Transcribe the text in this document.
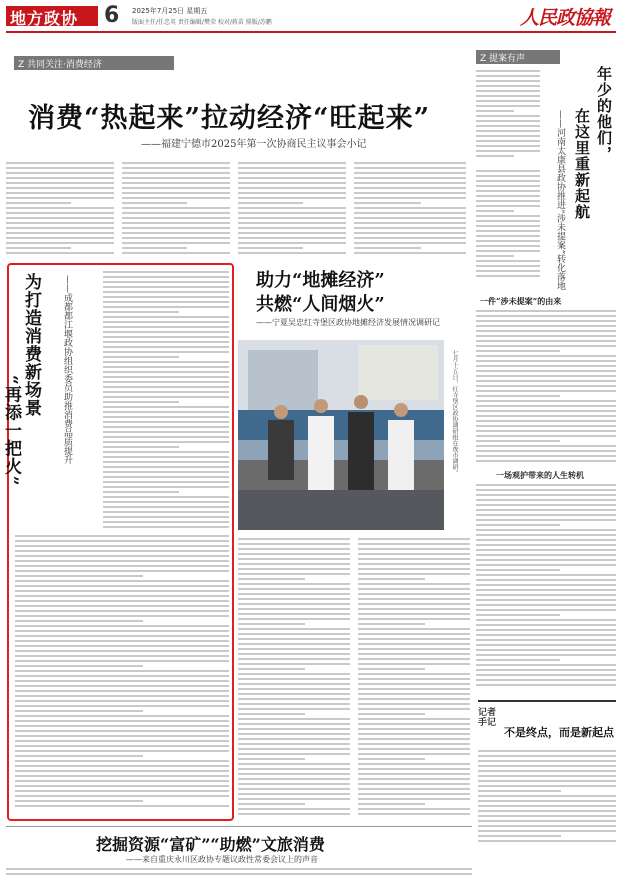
地方政协 6 2025年7月25日 星期五
版面主任/任忠英 责任编辑/樊荣 校对/蒋苗 排版/苏鹏	人民政協報
Z 共同关注·消费经济
消费“热起来”拉动经济“旺起来”
——福建宁德市2025年第一次协商民主议事会小记
Z 提案有声
年少的他们，
在这里重新起航
——河南太康县政协推进“涉未提案”转化落地
一件“涉未提案”的由来
一场观护带来的人生转机
记者手记
不是终点，而是新起点
为打造消费新场景
“再添一把火”	——成都都江堰政协组织委员助推消费品质提升	助力“地摊经济”
共燃“人间烟火”
——宁夏吴忠红寺堡区政协地摊经济发展情况调研记
七月十五日，红寺堡区政协调研组在夜市调研。
挖掘资源“富矿”“助燃”文旅消费
——来自重庆永川区政协专题议政性常委会议上的声音
